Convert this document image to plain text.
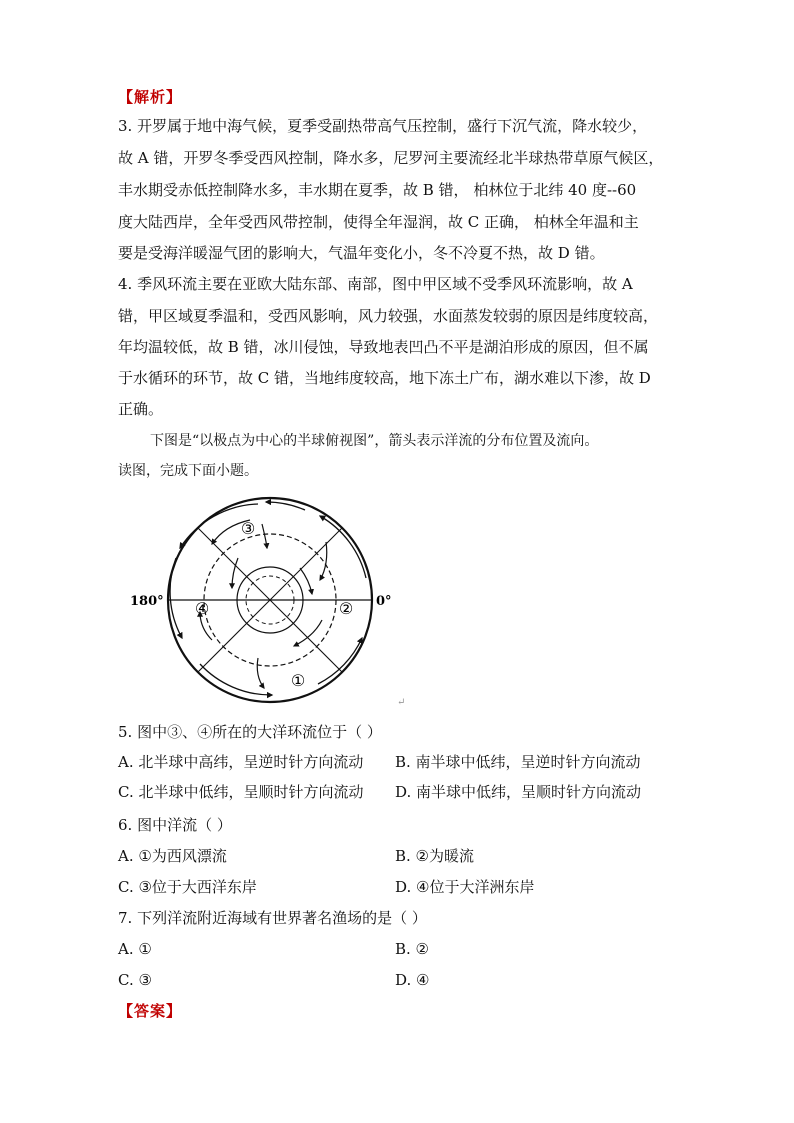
【解析】
3. 开罗属于地中海气候，夏季受副热带高气压控制，盛行下沉气流，降水较少，
故 A 错，开罗冬季受西风控制，降水多，尼罗河主要流经北半球热带草原气候区，
丰水期受赤低控制降水多，丰水期在夏季，故 B 错， 柏林位于北纬 40 度--60
度大陆西岸，全年受西风带控制，使得全年湿润，故 C 正确， 柏林全年温和主
要是受海洋暖湿气团的影响大，气温年变化小，冬不冷夏不热，故 D 错。
4. 季风环流主要在亚欧大陆东部、南部，图中甲区域不受季风环流影响，故 A
错，甲区域夏季温和，受西风影响，风力较强，水面蒸发较弱的原因是纬度较高，
年均温较低，故 B 错，冰川侵蚀，导致地表凹凸不平是湖泊形成的原因，但不属
于水循环的环节，故 C 错，当地纬度较高，地下冻土广布，湖水难以下渗，故 D
正确。
下图是“以极点为中心的半球俯视图”，箭头表示洋流的分布位置及流向。
读图，完成下面小题。
③
④	②
①
180°	0°
↵
5. 图中③、④所在的大洋环流位于（ ）
A. 北半球中高纬，呈逆时针方向流动 B. 南半球中低纬，呈逆时针方向流动
C. 北半球中低纬，呈顺时针方向流动 D. 南半球中低纬，呈顺时针方向流动
6. 图中洋流（ ）
A. ①为西风漂流	B. ②为暖流
C. ③位于大西洋东岸	D. ④位于大洋洲东岸
7. 下列洋流附近海域有世界著名渔场的是（ ）
A. ①	B. ②
C. ③	D. ④
【答案】
